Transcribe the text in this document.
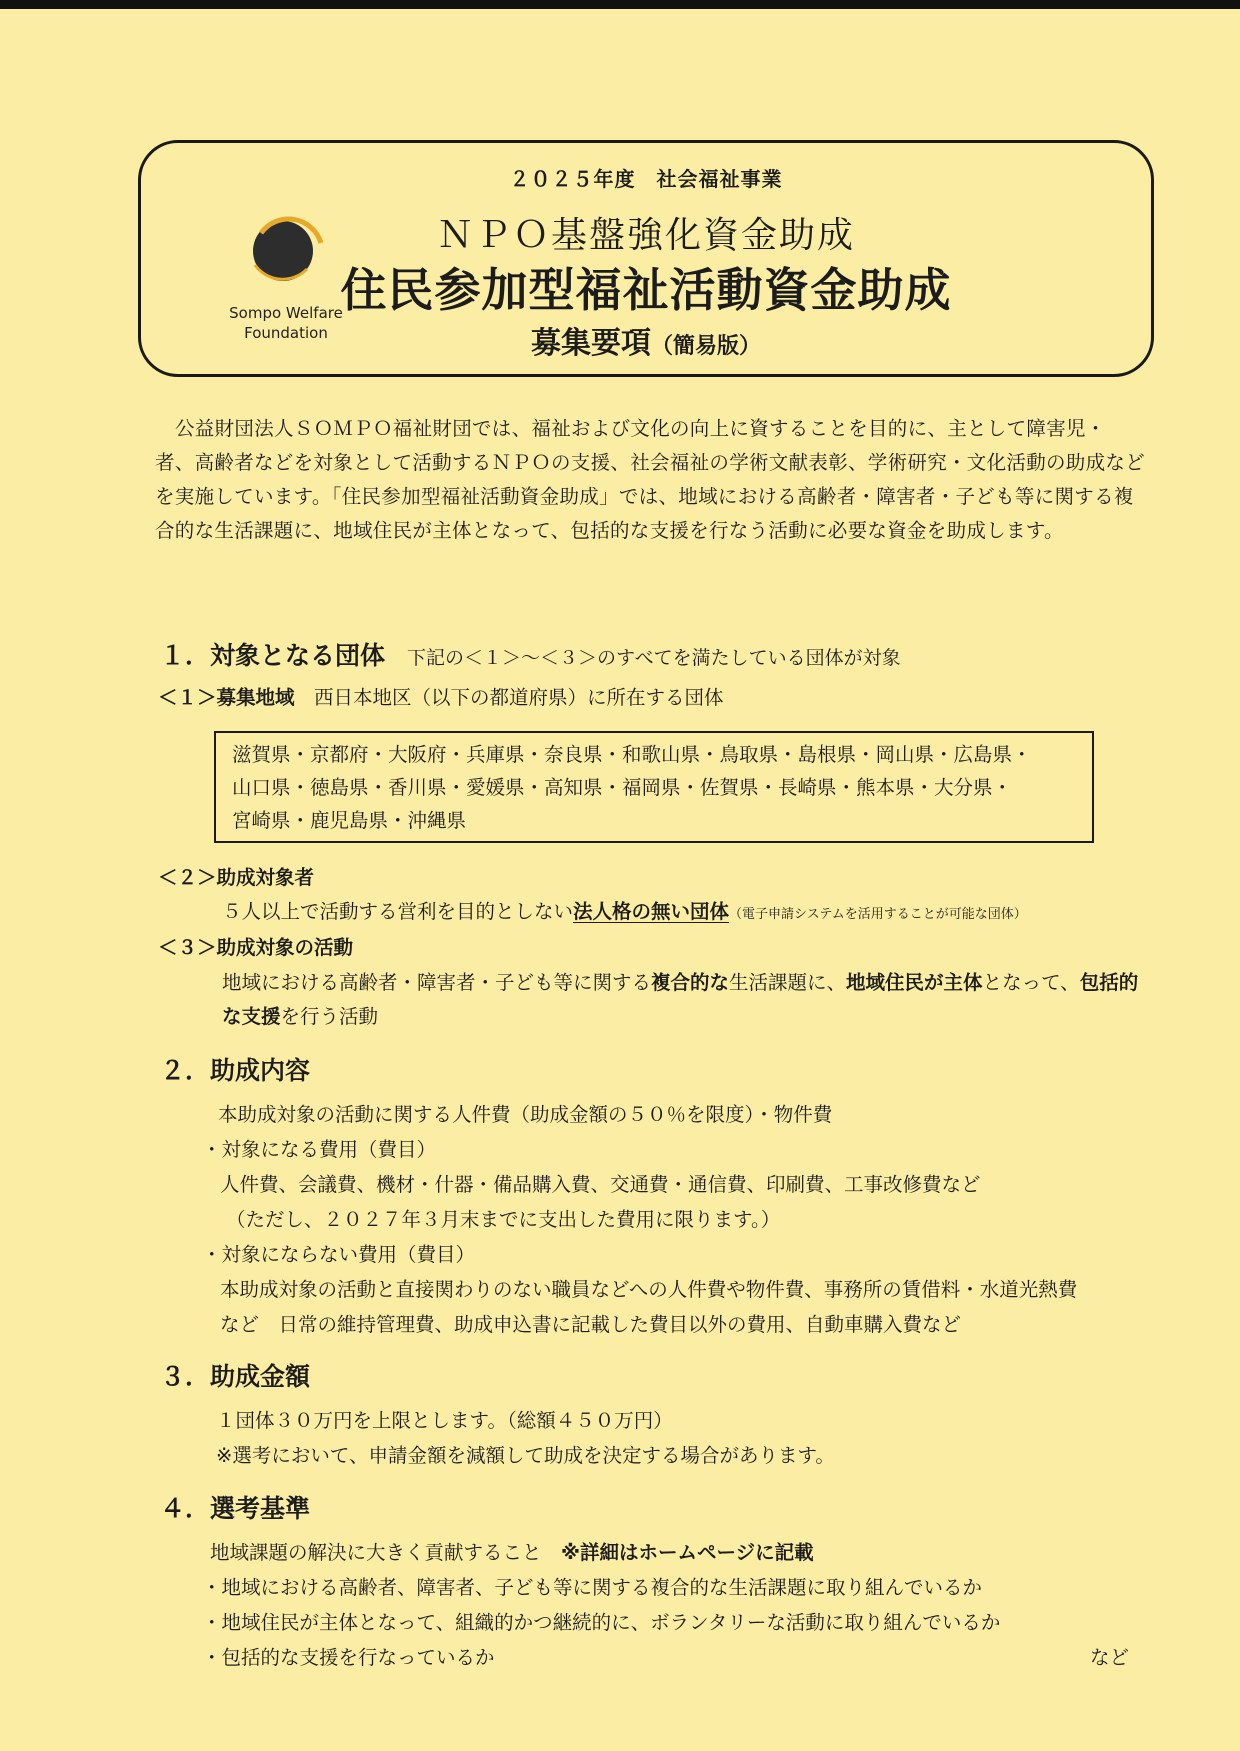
Sompo Welfare
Foundation
２０２５年度　社会福祉事業
ＮＰＯ基盤強化資金助成
住民参加型福祉活動資金助成
募集要項（簡易版）
公益財団法人ＳＯＭＰＯ福祉財団では、福祉および文化の向上に資することを目的に、主として障害児・者、高齢者などを対象として活動するＮＰＯの支援、社会福祉の学術文献表彰、学術研究・文化活動の助成などを実施しています。「住民参加型福祉活動資金助成」では、地域における高齢者・障害者・子ども等に関する複合的な生活課題に、地域住民が主体となって、包括的な支援を行なう活動に必要な資金を助成します。
１．対象となる団体 下記の＜１＞～＜３＞のすべてを満たしている団体が対象
＜１＞募集地域　 西日本地区（以下の都道府県）に所在する団体
滋賀県・京都府・大阪府・兵庫県・奈良県・和歌山県・鳥取県・島根県・岡山県・広島県・
山口県・徳島県・香川県・愛媛県・高知県・福岡県・佐賀県・長崎県・熊本県・大分県・
宮崎県・鹿児島県・沖縄県
＜２＞助成対象者
５人以上で活動する営利を目的としない法人格の無い団体（電子申請システムを活用することが可能な団体）
＜３＞助成対象の活動
地域における高齢者・障害者・子ども等に関する複合的な生活課題に、地域住民が主体となって、包括的な支援を行う活動
２．助成内容
本助成対象の活動に関する人件費（助成金額の５０％を限度）・物件費
・対象になる費用（費目）
人件費、会議費、機材・什器・備品購入費、交通費・通信費、印刷費、工事改修費など
（ただし、２０２７年３月末までに支出した費用に限ります。）
・対象にならない費用（費目）
本助成対象の活動と直接関わりのない職員などへの人件費や物件費、事務所の賃借料・水道光熱費
など　日常の維持管理費、助成申込書に記載した費目以外の費用、自動車購入費など
３．助成金額
１団体３０万円を上限とします。（総額４５０万円）
※選考において、申請金額を減額して助成を決定する場合があります。
４．選考基準
地域課題の解決に大きく貢献すること　 ※詳細はホームページに記載
・地域における高齢者、障害者、子ども等に関する複合的な生活課題に取り組んでいるか
・地域住民が主体となって、組織的かつ継続的に、ボランタリーな活動に取り組んでいるか
・包括的な支援を行なっているか	など
